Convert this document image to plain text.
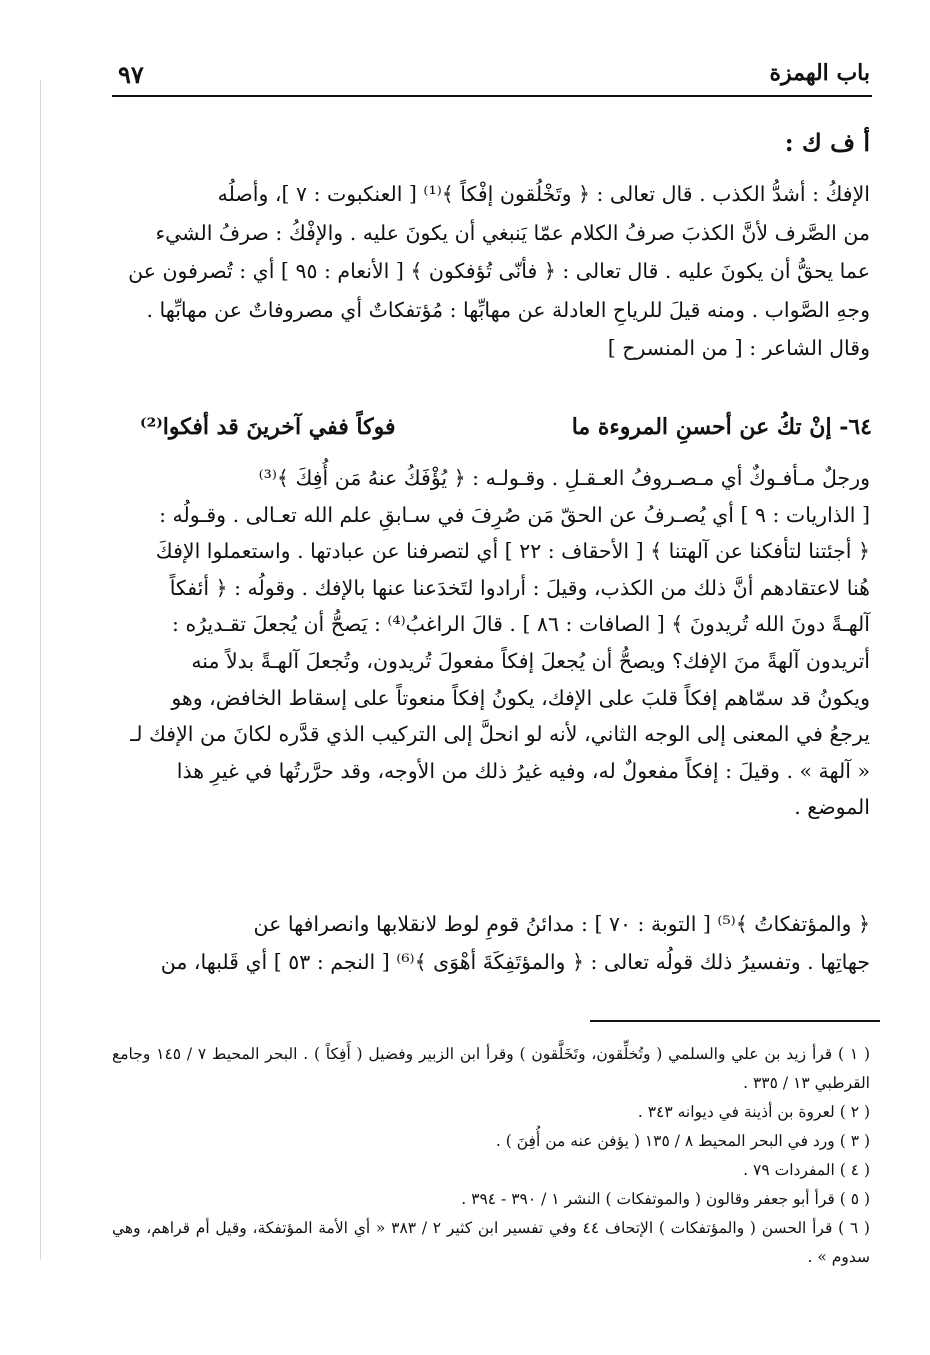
باب الهمزة
٩٧
أ ف ك :

الإفكُ : أشدُّ الكذب . قال تعالى : ﴿ وتَخْلُقون إفْكاً ﴾⁽¹⁾ [ العنكبوت : ٧ ]، وأصلُه

من الصَّرف لأنَّ الكذبَ صرفُ الكلام عمّا يَنبغي أن يكونَ عليه . والإفْكُ : صرفُ الشيء

عما يحقُّ أن يكونَ عليه . قال تعالى : ﴿ فأنّى تُؤفكون ﴾ [ الأنعام : ٩٥ ] أي : تُصرفون عن

وجهِ الصَّواب . ومنه قيلَ للرياحِ العادلة عن مهابِّها : مُؤتفكاتٌ أي مصروفاتٌ عن مهابِّها .

وقال الشاعر : [ من المنسرح ]

٦٤- إنْ تكُ عن أحسنِ المروءة ما
فوكاً ففي آخرينَ قد أفكوا⁽²⁾

ورجلٌ مـأفـوكٌ أي مـصـروفُ العـقـلِ . وقـولـه : ﴿ يُؤْفَكُ عنهُ مَن أُفِكَ ﴾⁽³⁾

[ الذاريات : ٩ ] أي يُصـرفُ عن الحقّ مَن صُرِفَ في سـابقِ علم الله تعـالى . وقـولُه :

﴿ أجئتنا لتأفكنا عن آلهتنا ﴾ [ الأحقاف : ٢٢ ] أي لتصرفنا عن عبادتها . واستعملوا الإفكَ

هُنا لاعتقادهم أنَّ ذلك من الكذب، وقيلَ : أرادوا لتَخدَعنا عنها بالإفك . وقولُه : ﴿ أئفكاً

آلهـةً دونَ الله تُريدونَ ﴾ [ الصافات : ٨٦ ] . قالَ الراغبُ⁽⁴⁾ : يَصحُّ أن يُجعلَ تقـديرُه :

أتريدون آلهةً منَ الإفك؟ ويصحُّ أن يُجعلَ إفكاً مفعولَ تُريدون، وتُجعلَ آلهـةً بدلاً منه

ويكونُ قد سمّاهم إفكاً قلبَ على الإفك، يكونُ إفكاً منعوتاً على إسقاط الخافض، وهو

يرجعُ في المعنى إلى الوجه الثاني، لأنه لو انحلَّ إلى التركيب الذي قدَّره لكانَ من الإفك لـ

« آلهة » . وقيلَ : إفكاً مفعولٌ له، وفيه غيرُ ذلك من الأوجه، وقد حرَّرتُها في غيرِ هذا

الموضع .

﴿ والمؤتفكاتُ ﴾⁽⁵⁾ [ التوبة : ٧٠ ] : مدائنُ قومِ لوط لانقلابها وانصرافها عن

جهاتِها . وتفسيرُ ذلك قولُه تعالى : ﴿ والمؤتَفِكَةَ أهْوَى ﴾⁽⁶⁾ [ النجم : ٥٣ ] أي قَلبها، من

( ١ ) قرأ زيد بن علي والسلمي ( وتُخلِّقون، وتَخَلَّقون ) وقرأ ابن الزبير وفضيل ( أَفِكاً ) . البحر المحيط ٧ / ١٤٥ وجامع القرطبي ١٣ / ٣٣٥ .

( ٢ ) لعروة بن أذينة في ديوانه ٣٤٣ .

( ٣ ) ورد في البحر المحيط ٨ / ١٣٥ ( يؤفن عنه من أُفِنَ ) .

( ٤ ) المفردات ٧٩ .

( ٥ ) قرأ أبو جعفر وقالون ( والموتفكات ) النشر ١ / ٣٩٠ - ٣٩٤ .

( ٦ ) قرأ الحسن ( والمؤتفكات ) الإتحاف ٤٤ وفي تفسير ابن كثير ٢ / ٣٨٣ « أي الأمة المؤتفكة، وقيل أم قراهم، وهي سدوم » .
